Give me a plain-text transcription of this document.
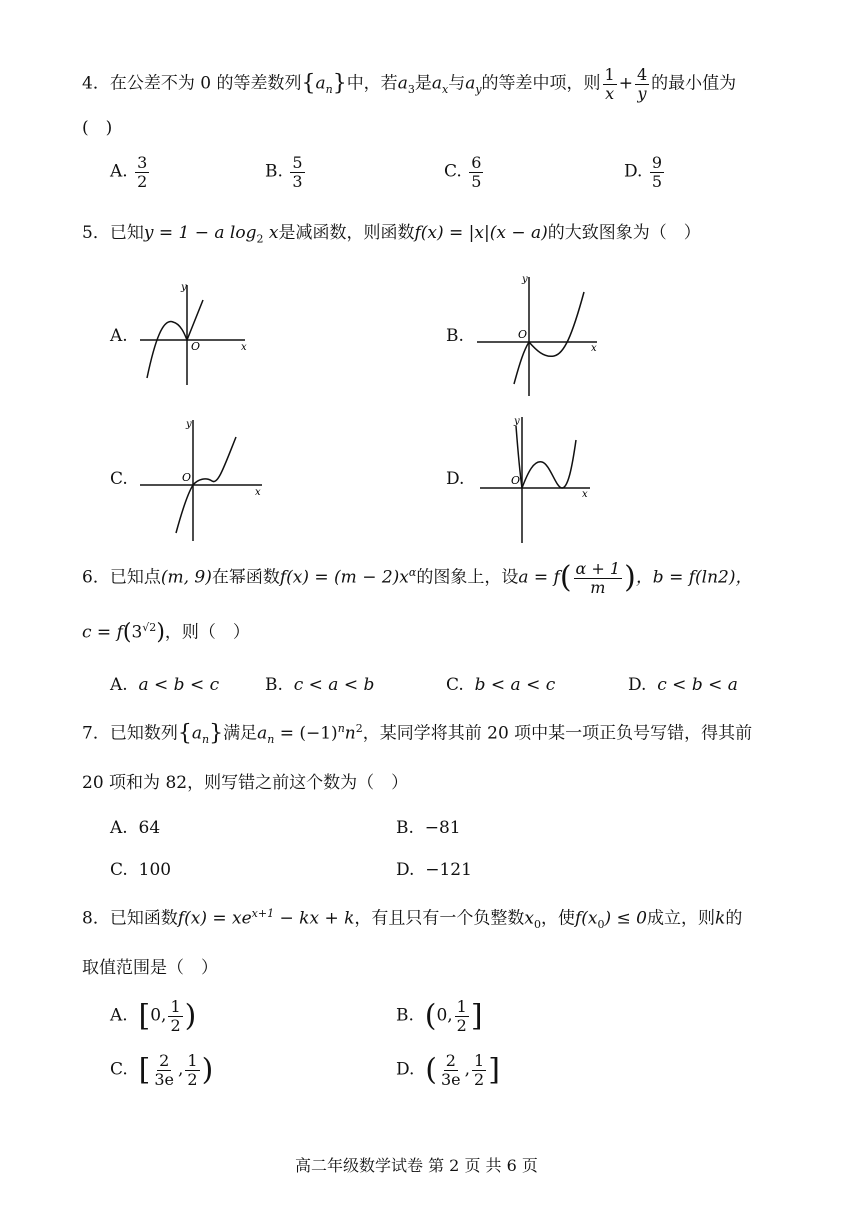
4．在公差不为 0 的等差数列$\{a_n\}$中，若$a_3$是$a_x$与$a_y$的等差中项，则 $\frac{1}{x} + \frac{4}{y}$ 的最小值为
(　)
A. $\frac{3}{2}$	B. $\frac{5}{3}$	C. $\frac{6}{5}$	D. $\frac{9}{5}$
5．已知y = 1 − a $\log_2 x$是减函数，则函数f(x) = |x|(x − a)的大致图象为（　）
A.
y
x
O
B.
y
x
O
C.
y
x
O	D.
y
x
O
6．已知点(m, 9)在幂函数$f(x) = (m - 2)x^\alpha$的图象上，设$a = f( \frac{\alpha + 1}{m}$ )，b = f(ln2)，
$c = f(3^{√2})$，则（　）
A. a < b < c	B. c < a < b	C. b < a < c	D. c < b < a
7．已知数列$\{a_n\}$满足$a_n = (-1)^nn^2$，某同学将其前 20 项中某一项正负号写错，得其前
20 项和为 82，则写错之前这个数为（　）
A. 64	B. −81
C. 100	D. −121
8．已知函数$f(x) = xe^{x+1}$ − kx + k，有且只有一个负整数$x_0$，使$f(x_0) \le 0$成立，则k的
取值范围是（　）
A. [0, $\frac{1}{2}$ )	B. (0, $\frac{1}{2}$ ]
C. [ $\frac{2}{3e}$ , $\frac{1}{2}$ )	D. ( $\frac{2}{3e}$ , $\frac{1}{2}$ ]
高二年级数学试卷 第 2 页 共 6 页
